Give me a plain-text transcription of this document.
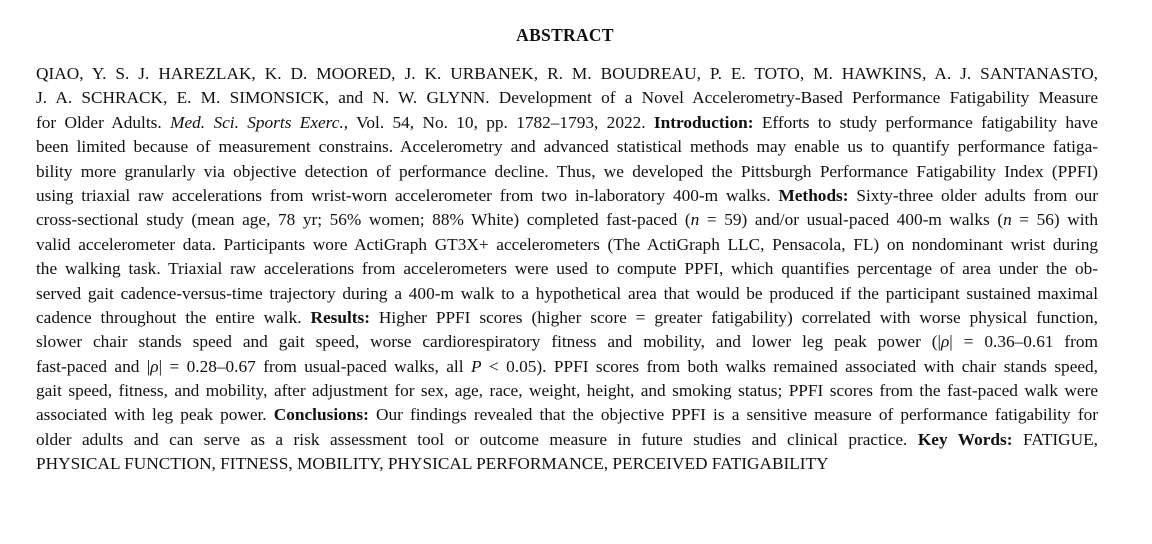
ABSTRACT
QIAO, Y. S. J. HAREZLAK, K. D. MOORED, J. K. URBANEK, R. M. BOUDREAU, P. E. TOTO, M. HAWKINS, A. J. SANTANASTO,
J. A. SCHRACK, E. M. SIMONSICK, and N. W. GLYNN. Development of a Novel Accelerometry-Based Performance Fatigability Measure
for Older Adults. Med. Sci. Sports Exerc., Vol. 54, No. 10, pp. 1782–1793, 2022. Introduction: Efforts to study performance fatigability have
been limited because of measurement constrains. Accelerometry and advanced statistical methods may enable us to quantify performance fatiga-
bility more granularly via objective detection of performance decline. Thus, we developed the Pittsburgh Performance Fatigability Index (PPFI)
using triaxial raw accelerations from wrist-worn accelerometer from two in-laboratory 400-m walks. Methods: Sixty-three older adults from our
cross-sectional study (mean age, 78 yr; 56% women; 88% White) completed fast-paced (n = 59) and/or usual-paced 400-m walks (n = 56) with
valid accelerometer data. Participants wore ActiGraph GT3X+ accelerometers (The ActiGraph LLC, Pensacola, FL) on nondominant wrist during
the walking task. Triaxial raw accelerations from accelerometers were used to compute PPFI, which quantifies percentage of area under the ob-
served gait cadence-versus-time trajectory during a 400-m walk to a hypothetical area that would be produced if the participant sustained maximal
cadence throughout the entire walk. Results: Higher PPFI scores (higher score = greater fatigability) correlated with worse physical function,
slower chair stands speed and gait speed, worse cardiorespiratory fitness and mobility, and lower leg peak power (|ρ| = 0.36–0.61 from
fast-paced and |ρ| = 0.28–0.67 from usual-paced walks, all P < 0.05). PPFI scores from both walks remained associated with chair stands speed,
gait speed, fitness, and mobility, after adjustment for sex, age, race, weight, height, and smoking status; PPFI scores from the fast-paced walk were
associated with leg peak power. Conclusions: Our findings revealed that the objective PPFI is a sensitive measure of performance fatigability for
older adults and can serve as a risk assessment tool or outcome measure in future studies and clinical practice. Key Words: FATIGUE,
PHYSICAL FUNCTION, FITNESS, MOBILITY, PHYSICAL PERFORMANCE, PERCEIVED FATIGABILITY
